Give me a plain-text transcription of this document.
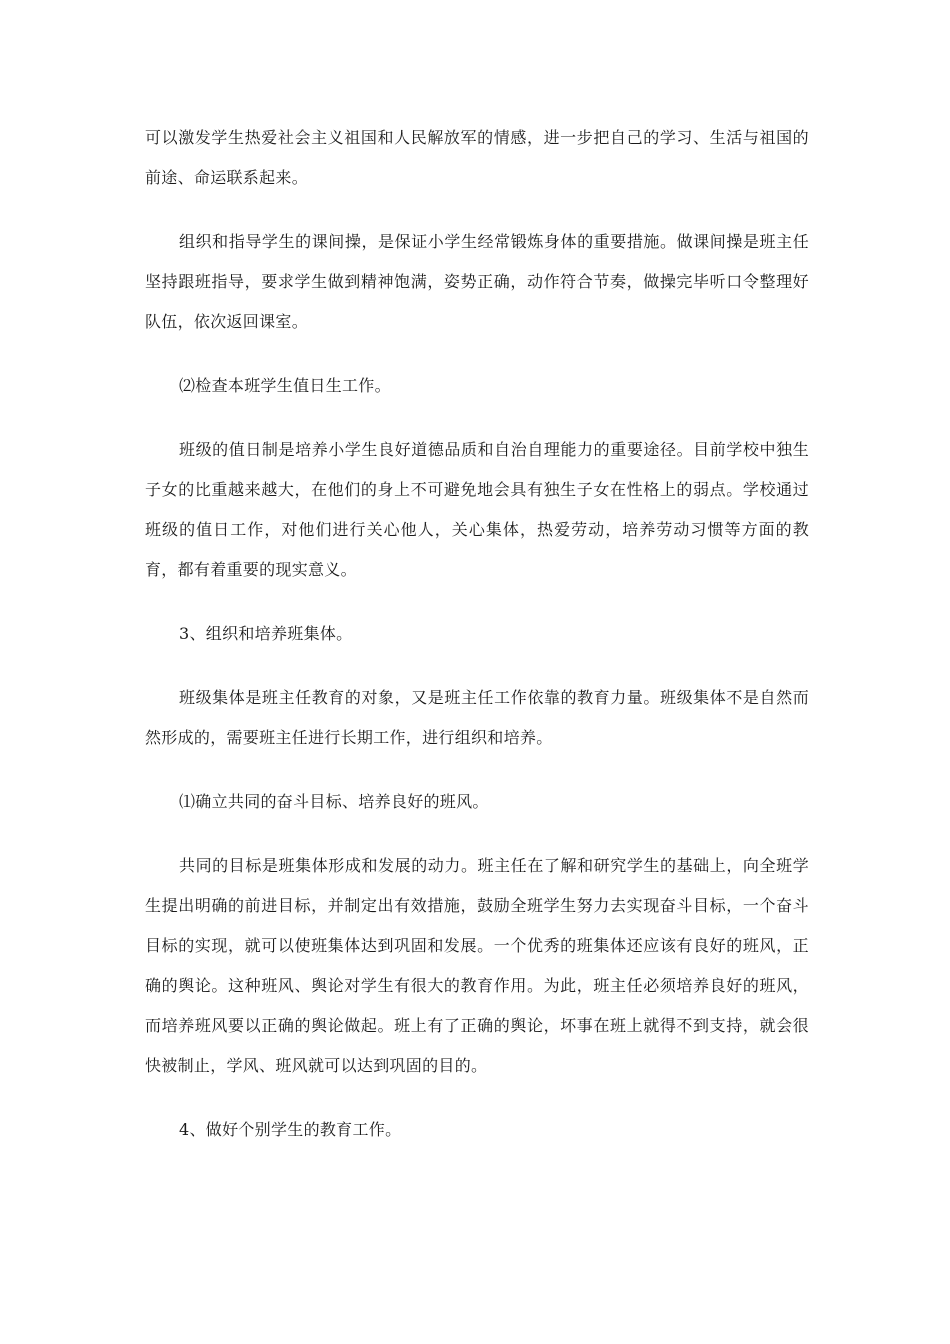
可以激发学生热爱社会主义祖国和人民解放军的情感，进一步把自己的学习、生活与祖国的前途、命运联系起来。

组织和指导学生的课间操，是保证小学生经常锻炼身体的重要措施。做课间操是班主任坚持跟班指导，要求学生做到精神饱满，姿势正确，动作符合节奏，做操完毕听口令整理好队伍，依次返回课室。

⑵检查本班学生值日生工作。

班级的值日制是培养小学生良好道德品质和自治自理能力的重要途径。目前学校中独生子女的比重越来越大，在他们的身上不可避免地会具有独生子女在性格上的弱点。学校通过班级的值日工作，对他们进行关心他人，关心集体，热爱劳动，培养劳动习惯等方面的教育，都有着重要的现实意义。

3、组织和培养班集体。

班级集体是班主任教育的对象，又是班主任工作依靠的教育力量。班级集体不是自然而然形成的，需要班主任进行长期工作，进行组织和培养。

⑴确立共同的奋斗目标、培养良好的班风。

共同的目标是班集体形成和发展的动力。班主任在了解和研究学生的基础上，向全班学生提出明确的前进目标，并制定出有效措施，鼓励全班学生努力去实现奋斗目标，一个奋斗目标的实现，就可以使班集体达到巩固和发展。一个优秀的班集体还应该有良好的班风，正确的舆论。这种班风、舆论对学生有很大的教育作用。为此，班主任必须培养良好的班风，而培养班风要以正确的舆论做起。班上有了正确的舆论，坏事在班上就得不到支持，就会很快被制止，学风、班风就可以达到巩固的目的。

4、做好个别学生的教育工作。
